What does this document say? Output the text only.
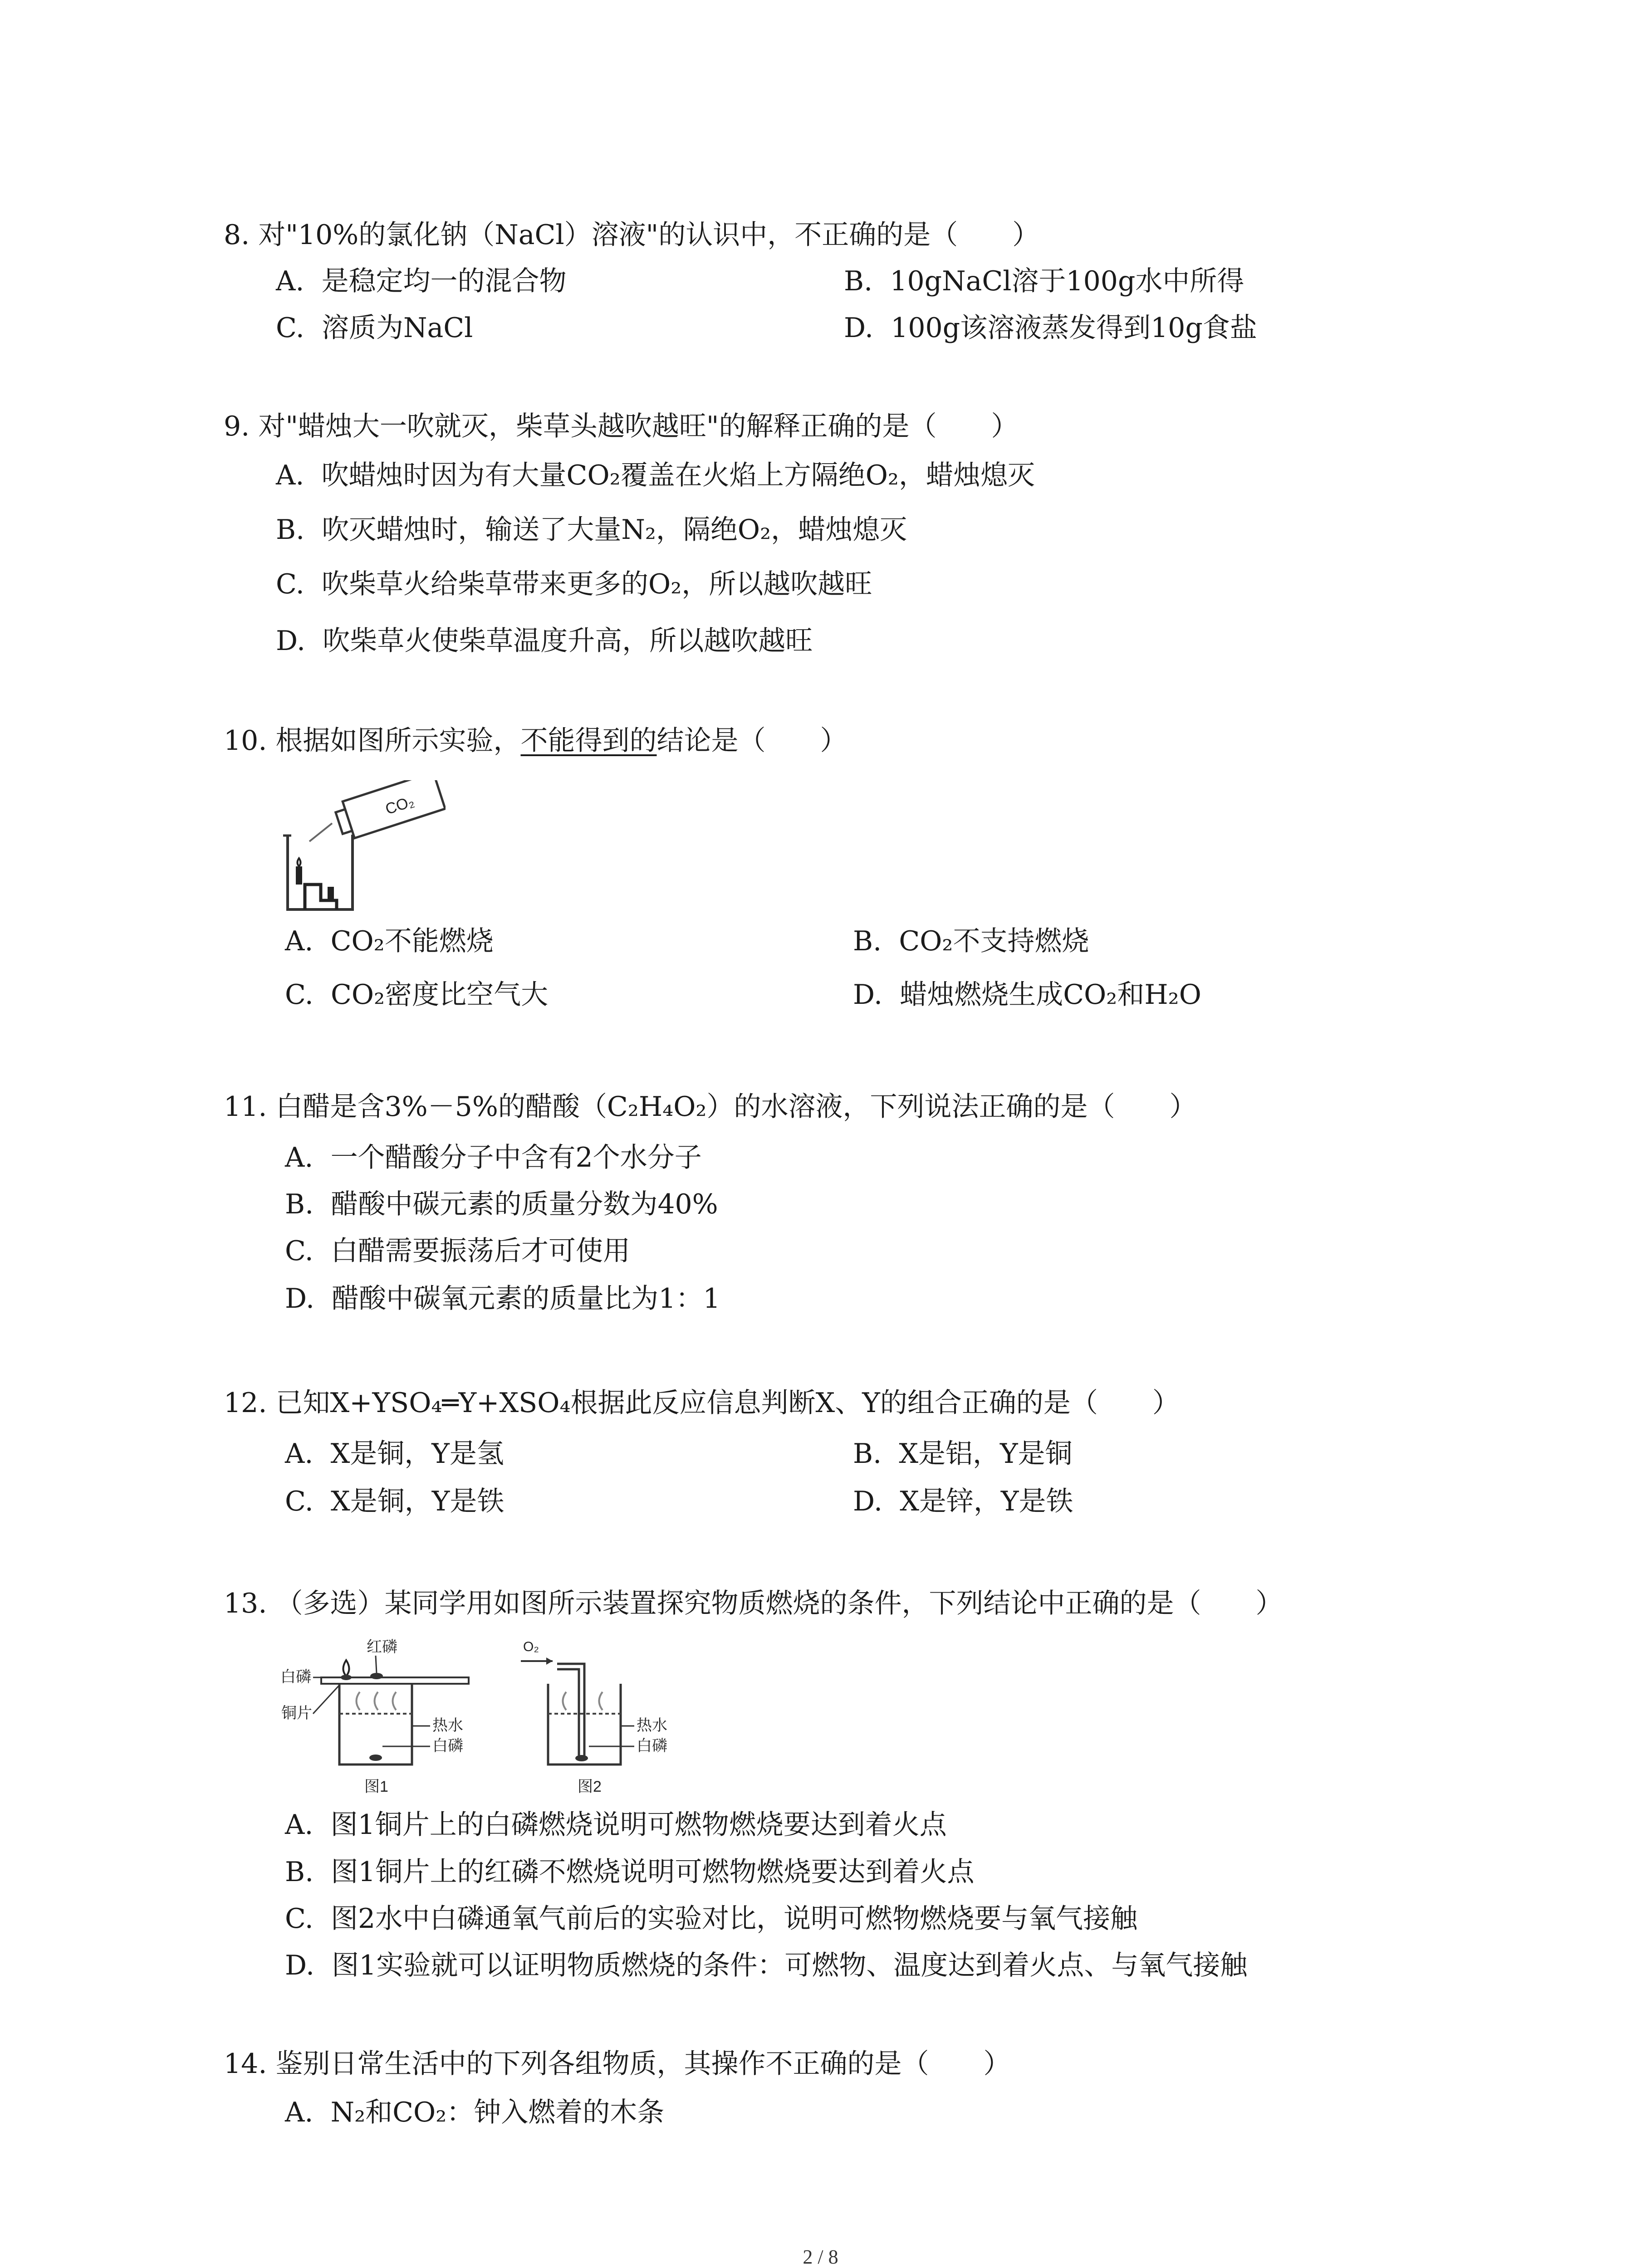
8. 对"10%的氯化钠（NaCl）溶液"的认识中，不正确的是（　　）
A. 是稳定均一的混合物	B. 10gNaCl溶于100g水中所得
C. 溶质为NaCl	D. 100g该溶液蒸发得到10g食盐
9. 对"蜡烛大一吹就灭，柴草头越吹越旺"的解释正确的是（　　）
A. 吹蜡烛时因为有大量CO₂覆盖在火焰上方隔绝O₂，蜡烛熄灭
B. 吹灭蜡烛时，输送了大量N₂，隔绝O₂，蜡烛熄灭
C. 吹柴草火给柴草带来更多的O₂，所以越吹越旺
D. 吹柴草火使柴草温度升高，所以越吹越旺
10. 根据如图所示实验，不能得到的结论是（　　）
CO₂
A. CO₂不能燃烧	B. CO₂不支持燃烧
C. CO₂密度比空气大	D. 蜡烛燃烧生成CO₂和H₂O
11. 白醋是含3%－5%的醋酸（C₂H₄O₂）的水溶液，下列说法正确的是（　　）
A. 一个醋酸分子中含有2个水分子
B. 醋酸中碳元素的质量分数为40%
C. 白醋需要振荡后才可使用
D. 醋酸中碳氧元素的质量比为1：1
12. 已知X+YSO₄═Y+XSO₄根据此反应信息判断X、Y的组合正确的是（　　）
A. X是铜，Y是氢	B. X是铝，Y是铜
C. X是铜，Y是铁	D. X是锌，Y是铁
13. （多选）某同学用如图所示装置探究物质燃烧的条件，下列结论中正确的是（　　）
白磷
红磷
铜片
热水
白磷
图1
O₂
热水
白磷
图2
A. 图1铜片上的白磷燃烧说明可燃物燃烧要达到着火点
B. 图1铜片上的红磷不燃烧说明可燃物燃烧要达到着火点
C. 图2水中白磷通氧气前后的实验对比，说明可燃物燃烧要与氧气接触
D. 图1实验就可以证明物质燃烧的条件：可燃物、温度达到着火点、与氧气接触
14. 鉴别日常生活中的下列各组物质，其操作不正确的是（　　）
A. N₂和CO₂：钟入燃着的木条
2 / 8
